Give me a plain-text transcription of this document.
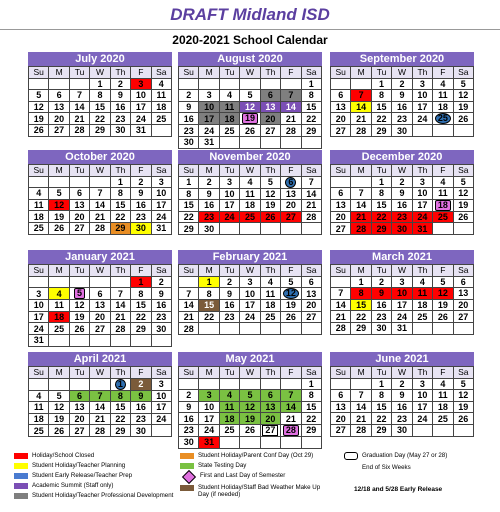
DRAFT Midland ISD
2020-2021 School Calendar
July 2020
Su	M	Tu	W	Th	F	Sa
			1	2	3	4
5	6	7	8	9	10	11
12	13	14	15	16	17	18
19	20	21	22	23	24	25
26	27	28	29	30	31	
August 2020
Su	M	Tu	W	Th	F	Sa
						1
2	3	4	5	6	7	8
9	10	11	12	13	14	15
16	17	18	19	20	21	22
23	24	25	26	27	28	29
30	31					
September 2020
Su	M	Tu	W	Th	F	Sa
		1	2	3	4	5
6	7	8	9	10	11	12
13	14	15	16	17	18	19
20	21	22	23	24	25	26
27	28	29	30			
October 2020
Su	M	Tu	W	Th	F	Sa
				1	2	3
4	5	6	7	8	9	10
11	12	13	14	15	16	17
18	19	20	21	22	23	24
25	26	27	28	29	30	31
November 2020
Su	M	Tu	W	Th	F	Sa
1	2	3	4	5	6	7
8	9	10	11	12	13	14
15	16	17	18	19	20	21
22	23	24	25	26	27	28
29	30					
December 2020
Su	M	Tu	W	Th	F	Sa
		1	2	3	4	5
6	7	8	9	10	11	12
13	14	15	16	17	18	19
20	21	22	23	24	25	26
27	28	29	30	31		
January 2021
Su	M	Tu	W	Th	F	Sa
					1	2
3	4	5	6	7	8	9
10	11	12	13	14	15	16
17	18	19	20	21	22	23
24	25	26	27	28	29	30
31						
February 2021
Su	M	Tu	W	Th	F	Sa
	1	2	3	4	5	6
7	8	9	10	11	12	13
14	15	16	17	18	19	20
21	22	23	24	25	26	27
28						
March 2021
Su	M	Tu	W	Th	F	Sa
	1	2	3	4	5	6
7	8	9	10	11	12	13
14	15	16	17	18	19	20
21	22	23	24	25	26	27
28	29	30	31			
April 2021
Su	M	Tu	W	Th	F	Sa
				1	2	3
4	5	6	7	8	9	10
11	12	13	14	15	16	17
18	19	20	21	22	23	24
25	26	27	28	29	30	
May 2021
Su	M	Tu	W	Th	F	Sa
						1
2	3	4	5	6	7	8
9	10	11	12	13	14	15
16	17	18	19	20	21	22
23	24	25	26	27	28	29
30	31					
June 2021
Su	M	Tu	W	Th	F	Sa
		1	2	3	4	5
6	7	8	9	10	11	12
13	14	15	16	17	18	19
20	21	22	23	24	25	26
27	28	29	30			
Holiday/School Closed
Student Holiday/Teacher Planning
Student Early Release/Teacher Prep
Academic Summit (Staff only)
Student Holiday/Teacher Professional Development
Student Holiday/Parent Conf Day (Oct 29)
State Testing Day
First and Last Day of Semester
Student Holiday/Staff Bad Weather Make Up Day (if needed)
Graduation Day (May 27 or 28)
End of Six Weeks
12/18 and 5/28 Early Release
